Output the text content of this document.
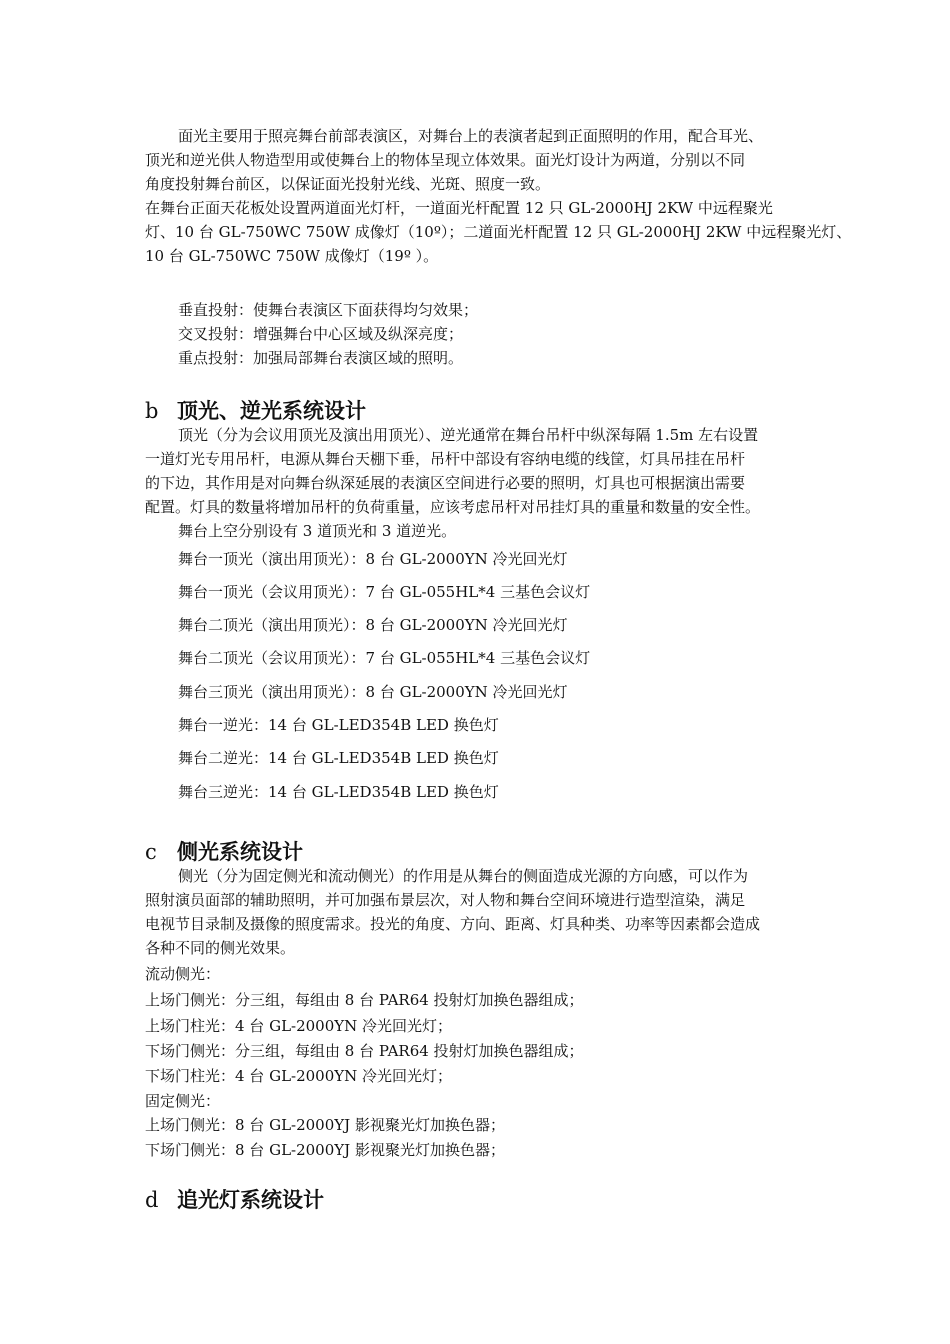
面光主要用于照亮舞台前部表演区，对舞台上的表演者起到正面照明的作用，配合耳光、
顶光和逆光供人物造型用或使舞台上的物体呈现立体效果。面光灯设计为两道，分别以不同
角度投射舞台前区，以保证面光投射光线、光斑、照度一致。
在舞台正面天花板处设置两道面光灯杆，一道面光杆配置 12 只 GL-2000HJ 2KW 中远程聚光
灯、10 台 GL-750WC 750W 成像灯（10º）；二道面光杆配置 12 只 GL-2000HJ 2KW 中远程聚光灯、
10 台 GL-750WC 750W 成像灯（19º ）。
垂直投射：使舞台表演区下面获得均匀效果；
交叉投射：增强舞台中心区域及纵深亮度；
重点投射：加强局部舞台表演区域的照明。
b 顶光、逆光系统设计
顶光（分为会议用顶光及演出用顶光）、逆光通常在舞台吊杆中纵深每隔 1.5m 左右设置
一道灯光专用吊杆，电源从舞台天棚下垂，吊杆中部设有容纳电缆的线筐，灯具吊挂在吊杆
的下边，其作用是对向舞台纵深延展的表演区空间进行必要的照明，灯具也可根据演出需要
配置。灯具的数量将增加吊杆的负荷重量，应该考虑吊杆对吊挂灯具的重量和数量的安全性。
舞台上空分别设有 3 道顶光和 3 道逆光。
舞台一顶光（演出用顶光）：8 台 GL-2000YN 冷光回光灯
舞台一顶光（会议用顶光）：7 台 GL-055HL*4 三基色会议灯
舞台二顶光（演出用顶光）：8 台 GL-2000YN 冷光回光灯
舞台二顶光（会议用顶光）：7 台 GL-055HL*4 三基色会议灯
舞台三顶光（演出用顶光）：8 台 GL-2000YN 冷光回光灯
舞台一逆光：14 台 GL-LED354B LED 换色灯
舞台二逆光：14 台 GL-LED354B LED 换色灯
舞台三逆光：14 台 GL-LED354B LED 换色灯
c 侧光系统设计
侧光（分为固定侧光和流动侧光）的作用是从舞台的侧面造成光源的方向感，可以作为
照射演员面部的辅助照明，并可加强布景层次，对人物和舞台空间环境进行造型渲染，满足
电视节目录制及摄像的照度需求。投光的角度、方向、距离、灯具种类、功率等因素都会造成
各种不同的侧光效果。
流动侧光：
上场门侧光：分三组，每组由 8 台 PAR64 投射灯加换色器组成；
上场门柱光：4 台 GL-2000YN 冷光回光灯；
下场门侧光：分三组，每组由 8 台 PAR64 投射灯加换色器组成；
下场门柱光：4 台 GL-2000YN 冷光回光灯；
固定侧光：
上场门侧光：8 台 GL-2000YJ 影视聚光灯加换色器；
下场门侧光：8 台 GL-2000YJ 影视聚光灯加换色器；
d 追光灯系统设计
